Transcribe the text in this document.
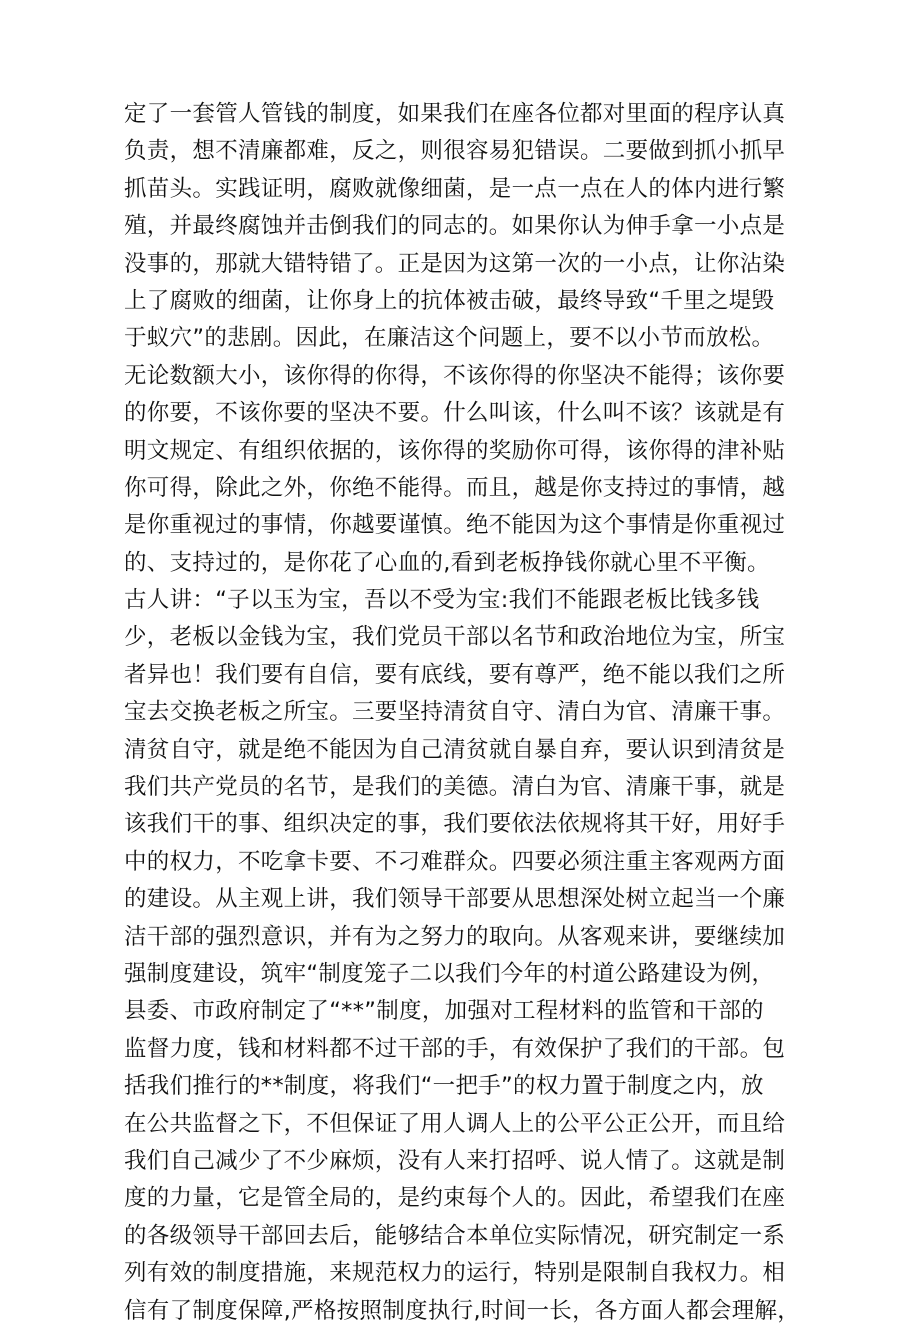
定了一套管人管钱的制度，如果我们在座各位都对里面的程序认真
负责，想不清廉都难，反之，则很容易犯错误。二要做到抓小抓早
抓苗头。实践证明，腐败就像细菌，是一点一点在人的体内进行繁
殖，并最终腐蚀并击倒我们的同志的。如果你认为伸手拿一小点是
没事的，那就大错特错了。正是因为这第一次的一小点，让你沾染
上了腐败的细菌，让你身上的抗体被击破，最终导致“千里之堤毁
于蚁穴”的悲剧。因此，在廉洁这个问题上，要不以小节而放松。
无论数额大小，该你得的你得，不该你得的你坚决不能得；该你要
的你要，不该你要的坚决不要。什么叫该，什么叫不该？该就是有
明文规定、有组织依据的，该你得的奖励你可得，该你得的津补贴
你可得，除此之外，你绝不能得。而且，越是你支持过的事情，越
是你重视过的事情，你越要谨慎。绝不能因为这个事情是你重视过
的、支持过的，是你花了心血的,看到老板挣钱你就心里不平衡。
古人讲：“子以玉为宝，吾以不受为宝:我们不能跟老板比钱多钱
少，老板以金钱为宝，我们党员干部以名节和政治地位为宝，所宝
者异也！我们要有自信，要有底线，要有尊严，绝不能以我们之所
宝去交换老板之所宝。三要坚持清贫自守、清白为官、清廉干事。
清贫自守，就是绝不能因为自己清贫就自暴自弃，要认识到清贫是
我们共产党员的名节，是我们的美德。清白为官、清廉干事，就是
该我们干的事、组织决定的事，我们要依法依规将其干好，用好手
中的权力，不吃拿卡要、不刁难群众。四要必须注重主客观两方面
的建设。从主观上讲，我们领导干部要从思想深处树立起当一个廉
洁干部的强烈意识，并有为之努力的取向。从客观来讲，要继续加
强制度建设，筑牢“制度笼子二以我们今年的村道公路建设为例，
县委、市政府制定了“**”制度，加强对工程材料的监管和干部的
监督力度，钱和材料都不过干部的手，有效保护了我们的干部。包
括我们推行的**制度，将我们“一把手”的权力置于制度之内，放
在公共监督之下，不但保证了用人调人上的公平公正公开，而且给
我们自己减少了不少麻烦，没有人来打招呼、说人情了。这就是制
度的力量，它是管全局的，是约束每个人的。因此，希望我们在座
的各级领导干部回去后，能够结合本单位实际情况，研究制定一系
列有效的制度措施，来规范权力的运行，特别是限制自我权力。相
信有了制度保障,严格按照制度执行,时间一长，各方面人都会理解，
